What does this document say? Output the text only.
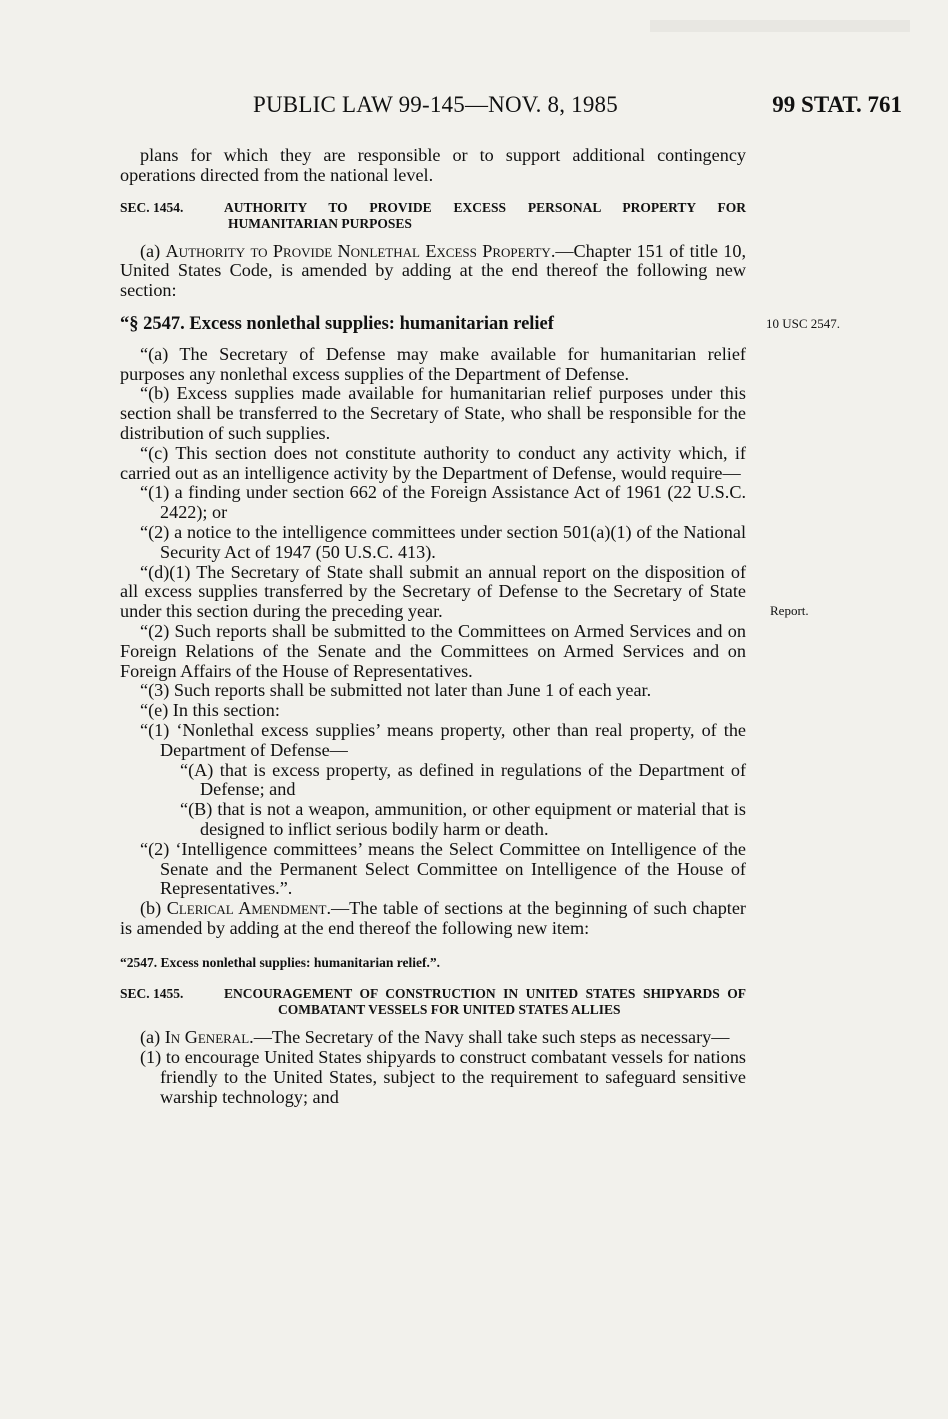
PUBLIC LAW 99-145—NOV. 8, 1985	99 STAT. 761
10 USC 2547.
Report.

plans for which they are responsible or to support additional contingency operations directed from the national level.

SEC. 1454.	AUTHORITY TO PROVIDE EXCESS PERSONAL PROPERTY FOR HUMANITARIAN PURPOSES

(a) Authority to Provide Nonlethal Excess Property.—Chapter 151 of title 10, United States Code, is amended by adding at the end thereof the following new section:

“§ 2547. Excess nonlethal supplies: humanitarian relief

“(a) The Secretary of Defense may make available for humanitarian relief purposes any nonlethal excess supplies of the Department of Defense.

“(b) Excess supplies made available for humanitarian relief purposes under this section shall be transferred to the Secretary of State, who shall be responsible for the distribution of such supplies.

“(c) This section does not constitute authority to conduct any activity which, if carried out as an intelligence activity by the Department of Defense, would require—

“(1) a finding under section 662 of the Foreign Assistance Act of 1961 (22 U.S.C. 2422); or

“(2) a notice to the intelligence committees under section 501(a)(1) of the National Security Act of 1947 (50 U.S.C. 413).

“(d)(1) The Secretary of State shall submit an annual report on the disposition of all excess supplies transferred by the Secretary of Defense to the Secretary of State under this section during the preceding year.

“(2) Such reports shall be submitted to the Committees on Armed Services and on Foreign Relations of the Senate and the Committees on Armed Services and on Foreign Affairs of the House of Representatives.

“(3) Such reports shall be submitted not later than June 1 of each year.

“(e) In this section:

“(1) ‘Nonlethal excess supplies’ means property, other than real property, of the Department of Defense—

“(A) that is excess property, as defined in regulations of the Department of Defense; and

“(B) that is not a weapon, ammunition, or other equipment or material that is designed to inflict serious bodily harm or death.

“(2) ‘Intelligence committees’ means the Select Committee on Intelligence of the Senate and the Permanent Select Committee on Intelligence of the House of Representatives.”.

(b) Clerical Amendment.—The table of sections at the beginning of such chapter is amended by adding at the end thereof the following new item:

“2547. Excess nonlethal supplies: humanitarian relief.”.
SEC. 1455.	ENCOURAGEMENT OF CONSTRUCTION IN UNITED STATES SHIPYARDS OF COMBATANT VESSELS FOR UNITED STATES ALLIES

(a) In General.—The Secretary of the Navy shall take such steps as necessary—

(1) to encourage United States shipyards to construct combatant vessels for nations friendly to the United States, subject to the requirement to safeguard sensitive warship technology; and
